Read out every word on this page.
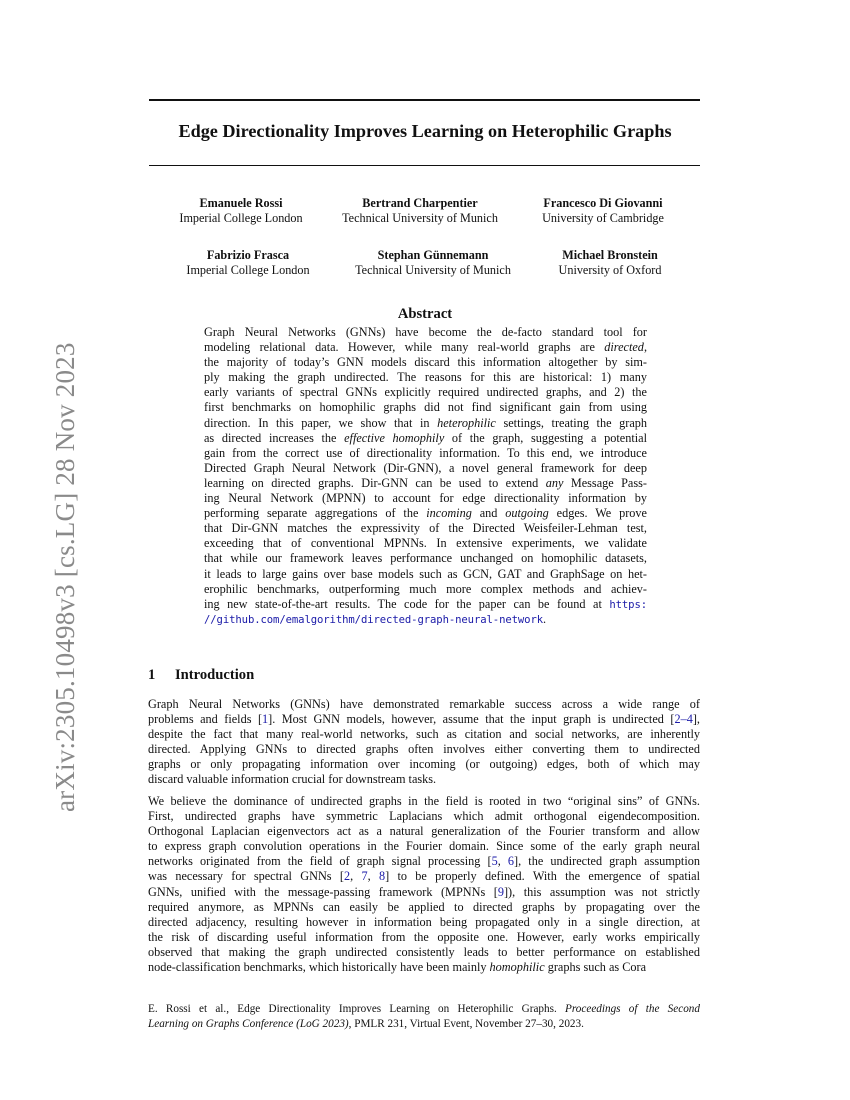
arXiv:2305.10498v3 [cs.LG] 28 Nov 2023
Edge Directionality Improves Learning on Heterophilic Graphs
Emanuele Rossi
Imperial College London
Bertrand Charpentier
Technical University of Munich
Francesco Di Giovanni
University of Cambridge
Fabrizio Frasca
Imperial College London
Stephan Günnemann
Technical University of Munich
Michael Bronstein
University of Oxford
Abstract
Graph Neural Networks (GNNs) have become the de-facto standard tool for
modeling relational data. However, while many real-world graphs are directed,
the majority of today’s GNN models discard this information altogether by sim-
ply making the graph undirected. The reasons for this are historical: 1) many
early variants of spectral GNNs explicitly required undirected graphs, and 2) the
first benchmarks on homophilic graphs did not find significant gain from using
direction. In this paper, we show that in heterophilic settings, treating the graph
as directed increases the effective homophily of the graph, suggesting a potential
gain from the correct use of directionality information. To this end, we introduce
Directed Graph Neural Network (Dir-GNN), a novel general framework for deep
learning on directed graphs. Dir-GNN can be used to extend any Message Pass-
ing Neural Network (MPNN) to account for edge directionality information by
performing separate aggregations of the incoming and outgoing edges. We prove
that Dir-GNN matches the expressivity of the Directed Weisfeiler-Lehman test,
exceeding that of conventional MPNNs. In extensive experiments, we validate
that while our framework leaves performance unchanged on homophilic datasets,
it leads to large gains over base models such as GCN, GAT and GraphSage on het-
erophilic benchmarks, outperforming much more complex methods and achiev-
ing new state-of-the-art results. The code for the paper can be found at https:
//github.com/emalgorithm/directed-graph-neural-network.
1 Introduction
Graph Neural Networks (GNNs) have demonstrated remarkable success across a wide range of
problems and fields [1]. Most GNN models, however, assume that the input graph is undirected [2–4],
despite the fact that many real-world networks, such as citation and social networks, are inherently
directed. Applying GNNs to directed graphs often involves either converting them to undirected
graphs or only propagating information over incoming (or outgoing) edges, both of which may
discard valuable information crucial for downstream tasks.
We believe the dominance of undirected graphs in the field is rooted in two “original sins” of GNNs.
First, undirected graphs have symmetric Laplacians which admit orthogonal eigendecomposition.
Orthogonal Laplacian eigenvectors act as a natural generalization of the Fourier transform and allow
to express graph convolution operations in the Fourier domain. Since some of the early graph neural
networks originated from the field of graph signal processing [5, 6], the undirected graph assumption
was necessary for spectral GNNs [2, 7, 8] to be properly defined. With the emergence of spatial
GNNs, unified with the message-passing framework (MPNNs [9]), this assumption was not strictly
required anymore, as MPNNs can easily be applied to directed graphs by propagating over the
directed adjacency, resulting however in information being propagated only in a single direction, at
the risk of discarding useful information from the opposite one. However, early works empirically
observed that making the graph undirected consistently leads to better performance on established
node-classification benchmarks, which historically have been mainly homophilic graphs such as Cora
E. Rossi et al., Edge Directionality Improves Learning on Heterophilic Graphs. Proceedings of the Second
Learning on Graphs Conference (LoG 2023), PMLR 231, Virtual Event, November 27–30, 2023.
